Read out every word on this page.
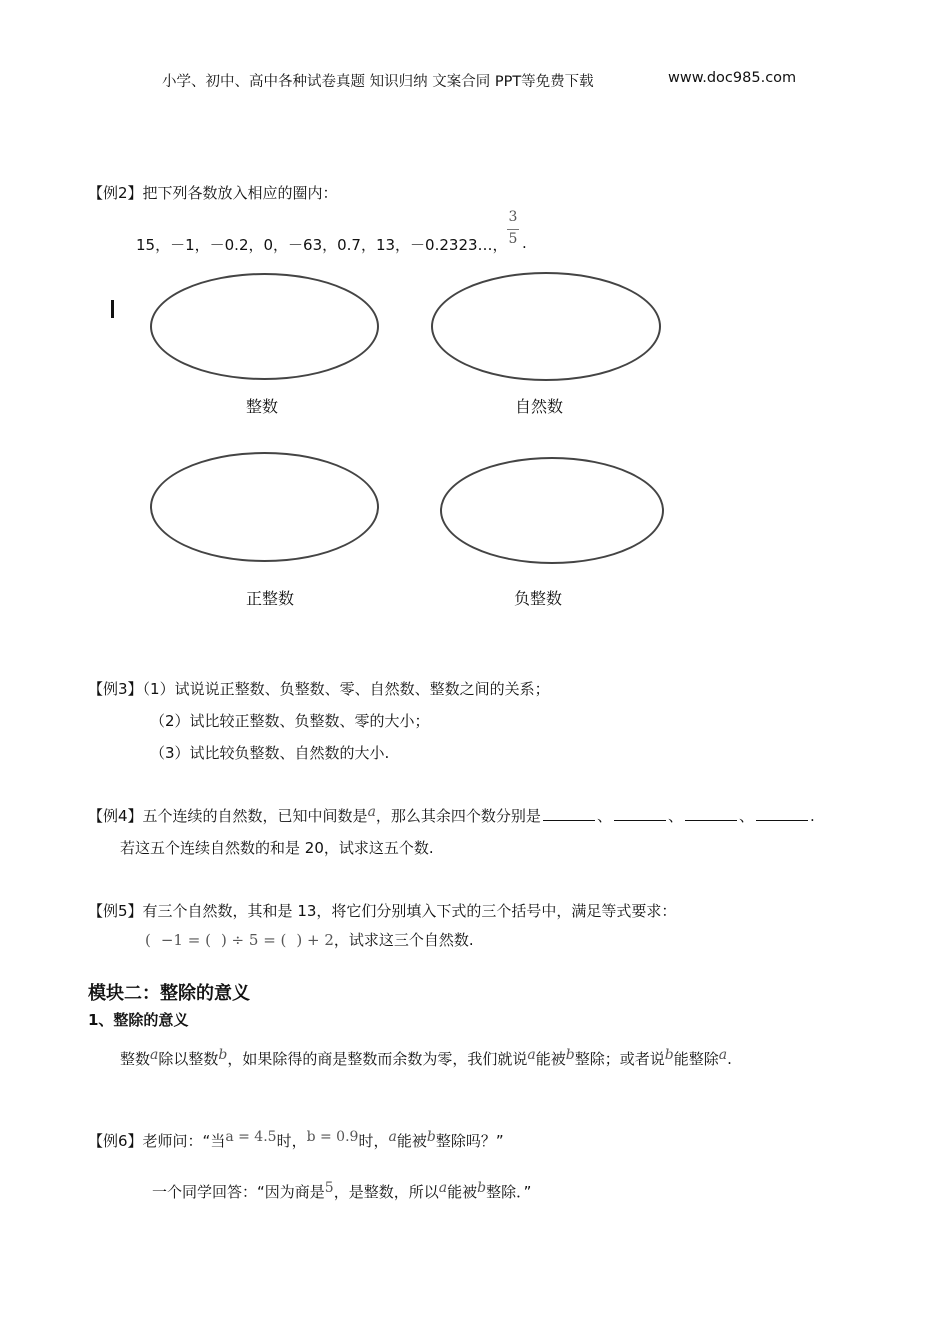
小学、初中、高中各种试卷真题 知识归纳 文案合同 PPT等免费下载	www.doc985.com
【例2】把下列各数放入相应的圈内：
15，－1，－0.2，0，－63，0.7，13，－0.2323…，
3
5 .
整数	自然数
正整数	负整数
【例3】（1）试说说正整数、负整数、零、自然数、整数之间的关系；
（2）试比较正整数、负整数、零的大小；
（3）试比较负整数、自然数的大小.
【例4】五个连续的自然数，已知中间数是a，那么其余四个数分别是	、	、	、	.
若这五个连续自然数的和是 20，试求这五个数.
【例5】有三个自然数，其和是 13，将它们分别填入下式的三个括号中，满足等式要求：
( −1 = ( ) ÷ 5 = ( ) + 2，试求这三个自然数.
模块二：整除的意义
1、整除的意义
整数a除以整数b，如果除得的商是整数而余数为零，我们就说a能被b整除；或者说b能整除a.
【例6】老师问：“当a = 4.5时，b = 0.9时，a能被b整除吗？”
一个同学回答：“因为商是5，是整数，所以a能被b整除．”
